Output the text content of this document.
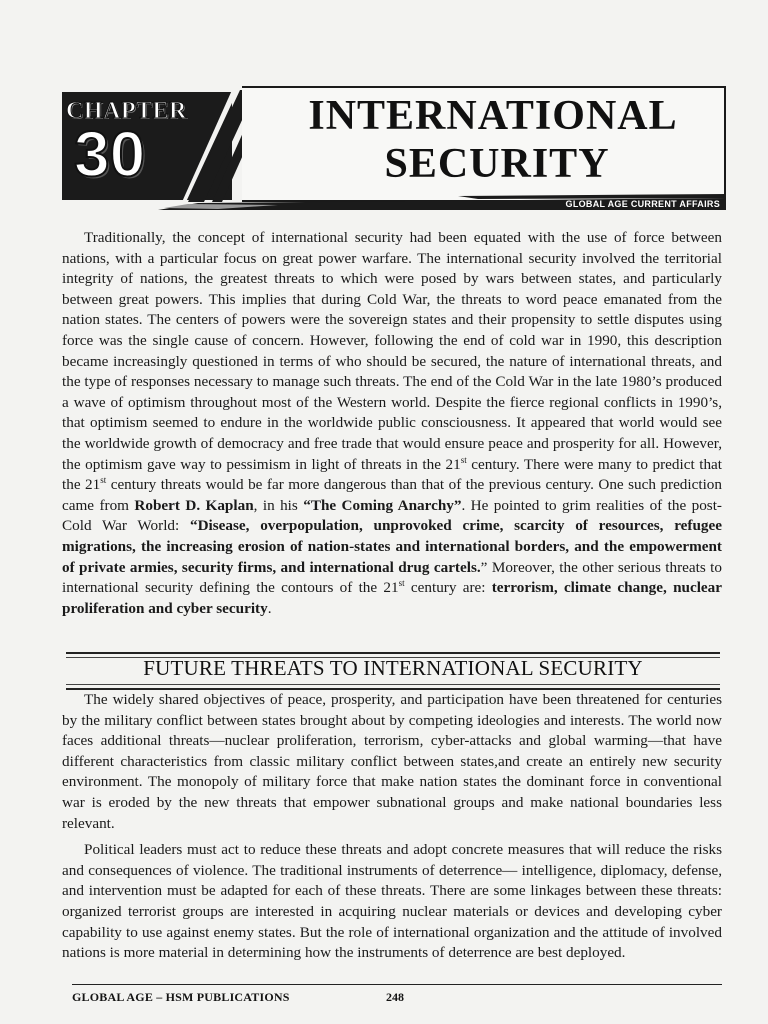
CHAPTER
30
INTERNATIONAL
SECURITY
GLOBAL AGE CURRENT AFFAIRS

Traditionally, the concept of international security had been equated with the use of force between nations, with a particular focus on great power warfare. The international security involved the territorial integrity of nations, the greatest threats to which were posed by wars between states, and particularly between great powers. This implies that during Cold War, the threats to word peace emanated from the nation states. The centers of powers were the sovereign states and their propensity to settle disputes using force was the single cause of concern. However, following the end of cold war in 1990, this description became increasingly questioned in terms of who should be secured, the nature of international threats, and the type of responses necessary to manage such threats. The end of the Cold War in the late 1980’s produced a wave of optimism throughout most of the Western world. Despite the fierce regional conflicts in 1990’s, that optimism seemed to endure in the worldwide public consciousness. It appeared that world would see the worldwide growth of democracy and free trade that would ensure peace and prosperity for all. However, the optimism gave way to pessimism in light of threats in the 21st century. There were many to predict that the 21st century threats would be far more dangerous than that of the previous century. One such prediction came from Robert D. Kaplan, in his “The Coming Anarchy”. He pointed to grim realities of the post-Cold War World: “Disease, overpopulation, unprovoked crime, scarcity of resources, refugee migrations, the increasing erosion of nation-states and international borders, and the empowerment of private armies, security firms, and international drug cartels.” Moreover, the other serious threats to international security defining the contours of the 21st century are: terrorism, climate change, nuclear proliferation and cyber security.

FUTURE THREATS TO INTERNATIONAL SECURITY

The widely shared objectives of peace, prosperity, and participation have been threatened for centuries by the military conflict between states brought about by competing ideologies and interests. The world now faces additional threats—nuclear proliferation, terrorism, cyber-attacks and global warming—that have different characteristics from classic military conflict between states,and create an entirely new security environment. The monopoly of military force that make nation states the dominant force in conventional war is eroded by the new threats that empower subnational groups and make national boundaries less relevant.

Political leaders must act to reduce these threats and adopt concrete measures that will reduce the risks and consequences of violence. The traditional instruments of deterrence— intelligence, diplomacy, defense, and intervention must be adapted for each of these threats. There are some linkages between these threats: organized terrorist groups are interested in acquiring nuclear materials or devices and developing cyber capability to use against enemy states. But the role of international organization and the attitude of involved nations is more material in determining how the instruments of deterrence are best deployed.

GLOBAL AGE – HSM PUBLICATIONS	248
